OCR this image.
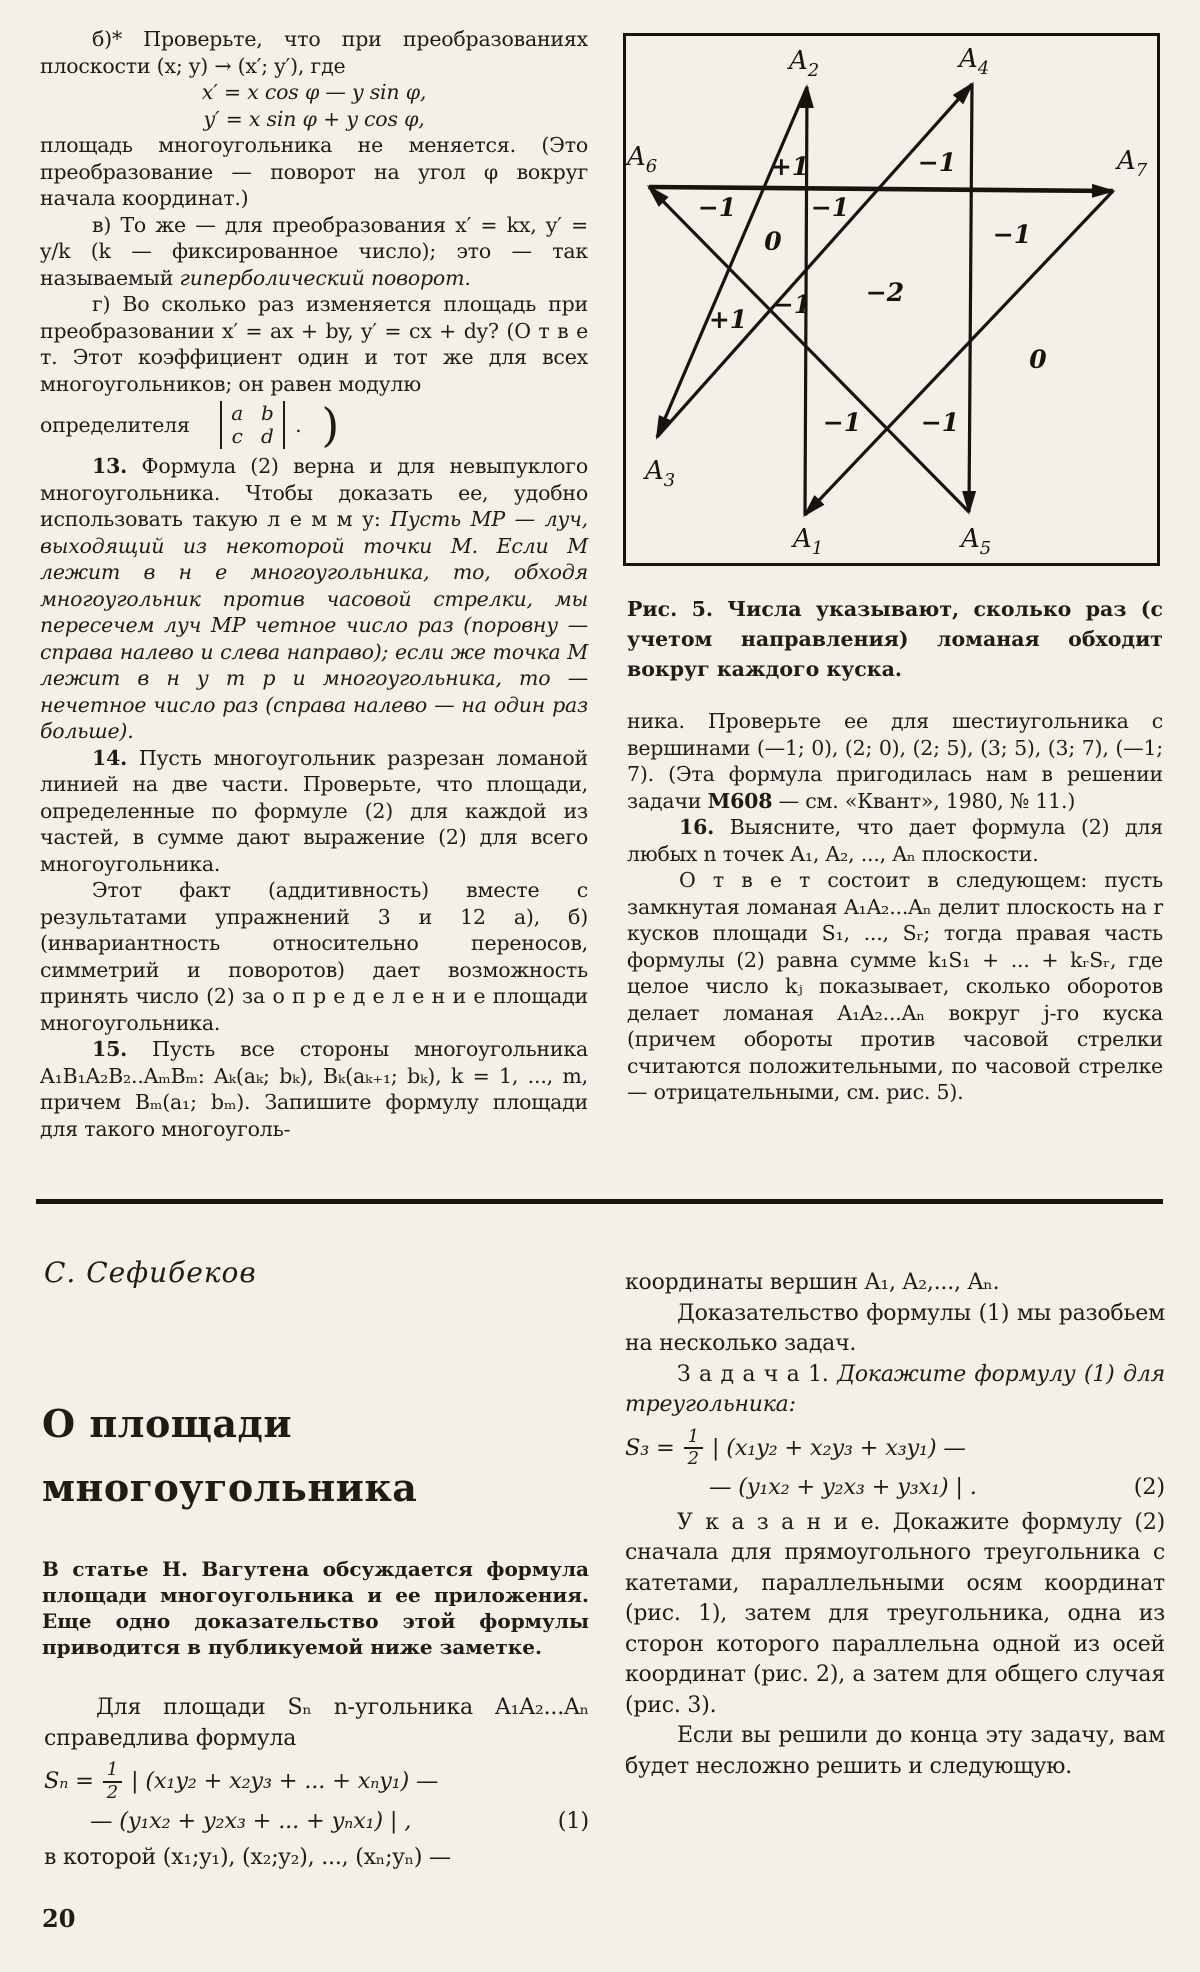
б)* Проверьте, что при преобразованиях плоскости (x; y) → (x′; y′), где

x′ = x cos φ — y sin φ,

y′ = x sin φ + y cos φ,

площадь многоугольника не меняется. (Это преобразование — поворот на угол φ вокруг начала координат.)

в) То же — для преобразования x′ = kx, y′ = y/k (k — фиксированное число); это — так называемый гиперболический поворот.

г) Во сколько раз изменяется площадь при преобразовании x′ = ax + by, y′ = cx + dy? (О т в е т. Этот коэффициент один и тот же для всех многоугольников; он равен модулю

определителя a b
c d . )

13. Формула (2) верна и для невыпуклого многоугольника. Чтобы доказать ее, удобно использовать такую л е м м у: Пусть MP — луч, выходящий из некоторой точки M. Если M лежит в н е многоугольника, то, обходя многоугольник против часовой стрелки, мы пересечем луч MP четное число раз (поровну — справа налево и слева направо); если же точка M лежит в н у т р и многоугольника, то — нечетное число раз (справа налево — на один раз больше).

14. Пусть многоугольник разрезан ломаной линией на две части. Проверьте, что площади, определенные по формуле (2) для каждой из частей, в сумме дают выражение (2) для всего многоугольника.

Этот факт (аддитивность) вместе с результатами упражнений 3 и 12 а), б) (инвариантность относительно переносов, симметрий и поворотов) дает возможность принять число (2) за о п р е д е л е н и е площади многоугольника.

15. Пусть все стороны многоугольника A₁B₁A₂B₂..AₘBₘ: Aₖ(aₖ; bₖ), Bₖ(aₖ₊₁; bₖ), k = 1, ..., m, причем Bₘ(a₁; bₘ). Запишите формулу площади для такого многоуголь-

$A_1$
$A_2$
$A_3$
$A_4$
$A_5$
$A_6$	$A_7$
+1	−1
−1	−1
0
−1 −2
−1
+1
0
−1 −1
Рис. 5. Числа указывают, сколько раз (с учетом направления) ломаная обходит вокруг каждого куска.

ника. Проверьте ее для шестиугольника с вершинами (—1; 0), (2; 0), (2; 5), (3; 5), (3; 7), (—1; 7). (Эта формула пригодилась нам в решении задачи М608 — см. «Квант», 1980, № 11.)

16. Выясните, что дает формула (2) для любых n точек A₁, A₂, ..., Aₙ плоскости.

О т в е т состоит в следующем: пусть замкнутая ломаная A₁A₂...Aₙ делит плоскость на r кусков площади S₁, ..., Sᵣ; тогда правая часть формулы (2) равна сумме k₁S₁ + ... + kᵣSᵣ, где целое число kⱼ показывает, сколько оборотов делает ломаная A₁A₂...Aₙ вокруг j-го куска (причем обороты против часовой стрелки считаются положительными, по часовой стрелке — отрицательными, см. рис. 5).

С. Сефибеков
О площади
многоугольника
В статье Н. Вагутена обсуждается формула площади многоугольника и ее приложения. Еще одно доказательство этой формулы приводится в публикуемой ниже заметке.

Для площади Sₙ n-угольника A₁A₂...Aₙ справедлива формула

$S_n = \frac{1}{2}$ | (x₁y₂ + x₂y₃ + ... + xₙy₁) —
— (y₁x₂ + y₂x₃ + ... + yₙx₁) | ,	(1)

в которой (x₁;y₁), (x₂;y₂), ..., (xₙ;yₙ) —

координаты вершин A₁, A₂,..., Aₙ.

Доказательство формулы (1) мы разобьем на несколько задач.

З а д а ч а 1. Докажите формулу (1) для треугольника:

$S_3 = \frac{1}{2}$ | (x₁y₂ + x₂y₃ + x₃y₁) —
— (y₁x₂ + y₂x₃ + y₃x₁) | .	(2)

У к а з а н и е. Докажите формулу (2) сначала для прямоугольного треугольника с катетами, параллельными осям координат (рис. 1), затем для треугольника, одна из сторон которого параллельна одной из осей координат (рис. 2), а затем для общего случая (рис. 3).

Если вы решили до конца эту задачу, вам будет несложно решить и следующую.

20
